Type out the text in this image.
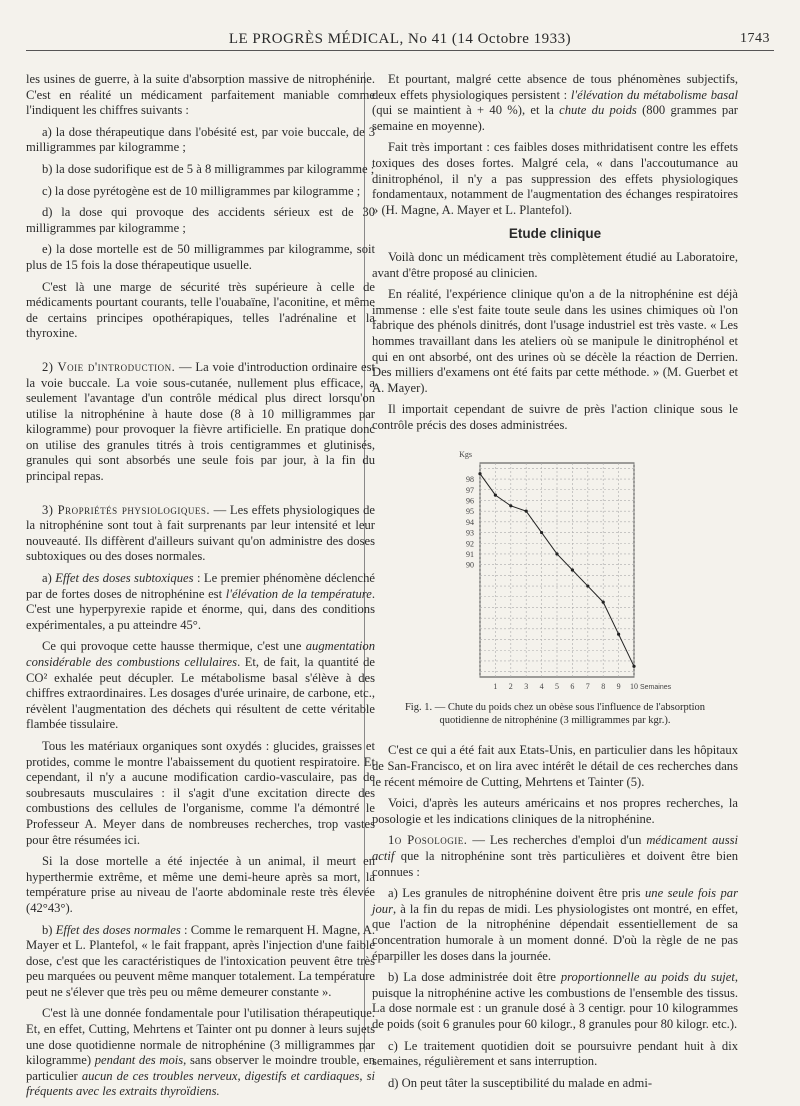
LE PROGRÈS MÉDICAL, No 41 (14 Octobre 1933)	1743

les usines de guerre, à la suite d'absorption massive de nitrophénine. C'est en réalité un médicament parfaitement maniable comme l'indiquent les chiffres suivants :

a) la dose thérapeutique dans l'obésité est, par voie buccale, de 3 milligrammes par kilogramme ;

b) la dose sudorifique est de 5 à 8 milligrammes par kilogramme ;

c) la dose pyrétogène est de 10 milligrammes par kilogramme ;

d) la dose qui provoque des accidents sérieux est de 30 milligrammes par kilogramme ;

e) la dose mortelle est de 50 milligrammes par kilogramme, soit plus de 15 fois la dose thérapeutique usuelle.

C'est là une marge de sécurité très supérieure à celle de médicaments pourtant courants, telle l'ouabaïne, l'aconitine, et même de certains principes opothérapiques, telles l'adrénaline et la thyroxine.

2) Voie d'introduction. — La voie d'introduction ordinaire est la voie buccale. La voie sous-cutanée, nullement plus efficace, a seulement l'avantage d'un contrôle médical plus direct lorsqu'on utilise la nitrophénine à haute dose (8 à 10 milligrammes par kilogramme) pour provoquer la fièvre artificielle. En pratique donc on utilise des granules titrés à trois centigrammes et glutinisés, granules qui sont absorbés une seule fois par jour, à la fin du principal repas.

3) Propriétés physiologiques. — Les effets physiologiques de la nitrophénine sont tout à fait surprenants par leur intensité et leur nouveauté. Ils diffèrent d'ailleurs suivant qu'on administre des doses subtoxiques ou des doses normales.

a) Effet des doses subtoxiques : Le premier phénomène déclenché par de fortes doses de nitrophénine est l'élévation de la température. C'est une hyperpyrexie rapide et énorme, qui, dans des conditions expérimentales, a pu atteindre 45°.

Ce qui provoque cette hausse thermique, c'est une augmentation considérable des combustions cellulaires. Et, de fait, la quantité de CO² exhalée peut décupler. Le métabolisme basal s'élève à des chiffres extraordinaires. Les dosages d'urée urinaire, de carbone, etc., révèlent l'augmentation des déchets qui résultent de cette véritable flambée tissulaire.

Tous les matériaux organiques sont oxydés : glucides, graisses et protides, comme le montre l'abaissement du quotient respiratoire. Et cependant, il n'y a aucune modification cardio-vasculaire, pas de soubresauts musculaires : il s'agit d'une excitation directe des combustions des cellules de l'organisme, comme l'a démontré le Professeur A. Meyer dans de nombreuses recherches, trop vastes pour être résumées ici.

Si la dose mortelle a été injectée à un animal, il meurt en hyperthermie extrême, et même une demi-heure après sa mort, la température prise au niveau de l'aorte abdominale reste très élevée (42°43°).

b) Effet des doses normales : Comme le remarquent H. Magne, A. Mayer et L. Plantefol, « le fait frappant, après l'injection d'une faible dose, c'est que les caractéristiques de l'intoxication peuvent être très peu marquées ou peuvent même manquer totalement. La température peut ne s'élever que très peu ou même demeurer constante ».

C'est là une donnée fondamentale pour l'utilisation thérapeutique. Et, en effet, Cutting, Mehrtens et Tainter ont pu donner à leurs sujets une dose quotidienne normale de nitrophénine (3 milligrammes par kilogramme) pendant des mois, sans observer le moindre trouble, en particulier aucun de ces troubles nerveux, digestifs et cardiaques, si fréquents avec les extraits thyroïdiens.

Et pourtant, malgré cette absence de tous phénomènes subjectifs, deux effets physiologiques persistent : l'élévation du métabolisme basal (qui se maintient à + 40 %), et la chute du poids (800 grammes par semaine en moyenne).

Fait très important : ces faibles doses mithridatisent contre les effets toxiques des doses fortes. Malgré cela, « dans l'accoutumance au dinitrophénol, il n'y a pas suppression des effets physiologiques fondamentaux, notamment de l'augmentation des échanges respiratoires » (H. Magne, A. Mayer et L. Plantefol).

Etude clinique

Voilà donc un médicament très complètement étudié au Laboratoire, avant d'être proposé au clinicien.

En réalité, l'expérience clinique qu'on a de la nitrophénine est déjà immense : elle s'est faite toute seule dans les usines chimiques où l'on fabrique des phénols dinitrés, dont l'usage industriel est très vaste. « Les hommes travaillant dans les ateliers où se manipule le dinitrophénol et qui en ont absorbé, ont des urines où se décèle la réaction de Derrien. Des milliers d'examens ont été faits par cette méthode. » (M. Guerbet et A. Mayer).

Il importait cependant de suivre de près l'action clinique sous le contrôle précis des doses administrées.

98
97
96
95
94
93
92
91
90
Kgs
1 2 3 4 5 6 7 8 9 10 Semaines
Fig. 1. — Chute du poids chez un obèse sous l'influence de l'absorption quotidienne de nitrophénine (3 milligrammes par kgr.).

C'est ce qui a été fait aux Etats-Unis, en particulier dans les hôpitaux de San-Francisco, et on lira avec intérêt le détail de ces recherches dans le récent mémoire de Cutting, Mehrtens et Tainter (5).

Voici, d'après les auteurs américains et nos propres recherches, la posologie et les indications cliniques de la nitrophénine.

1o Posologie. — Les recherches d'emploi d'un médicament aussi actif que la nitrophénine sont très particulières et doivent être bien connues :

a) Les granules de nitrophénine doivent être pris une seule fois par jour, à la fin du repas de midi. Les physiologistes ont montré, en effet, que l'action de la nitrophénine dépendait essentiellement de sa concentration humorale à un moment donné. D'où la règle de ne pas éparpiller les doses dans la journée.

b) La dose administrée doit être proportionnelle au poids du sujet, puisque la nitrophénine active les combustions de l'ensemble des tissus. La dose normale est : un granule dosé à 3 centigr. pour 10 kilogrammes de poids (soit 6 granules pour 60 kilogr., 8 granules pour 80 kilogr. etc.).

c) Le traitement quotidien doit se poursuivre pendant huit à dix semaines, régulièrement et sans interruption.

d) On peut tâter la susceptibilité du malade en admi-
